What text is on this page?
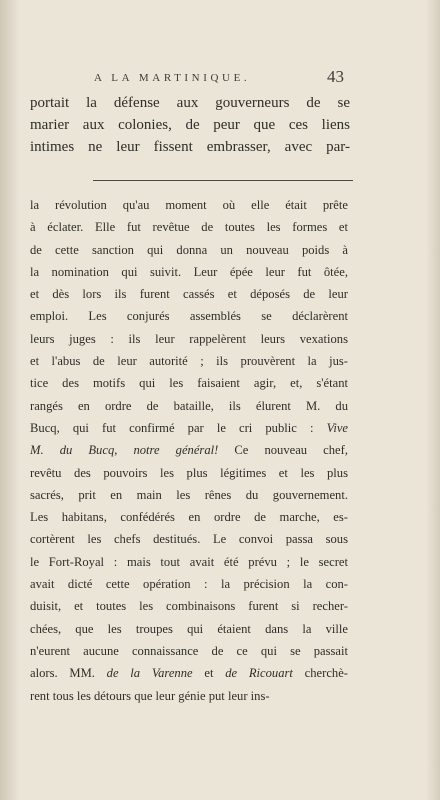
A LA MARTINIQUE.	43
portait la défense aux gouverneurs de se
marier aux colonies, de peur que ces liens
intimes ne leur fissent embrasser, avec par-
la révolution qu'au moment où elle était prête
à éclater. Elle fut revêtue de toutes les formes et
de cette sanction qui donna un nouveau poids à
la nomination qui suivit. Leur épée leur fut ôtée,
et dès lors ils furent cassés et déposés de leur
emploi. Les conjurés assemblés se déclarèrent
leurs juges : ils leur rappelèrent leurs vexations
et l'abus de leur autorité ; ils prouvèrent la jus-
tice des motifs qui les faisaient agir, et, s'étant
rangés en ordre de bataille, ils élurent M. du
Bucq, qui fut confirmé par le cri public : Vive
M. du Bucq, notre général! Ce nouveau chef,
revêtu des pouvoirs les plus légitimes et les plus
sacrés, prit en main les rênes du gouvernement.
Les habitans, confédérés en ordre de marche, es-
cortèrent les chefs destitués. Le convoi passa sous
le Fort-Royal : mais tout avait été prévu ; le secret
avait dicté cette opération : la précision la con-
duisit, et toutes les combinaisons furent si recher-
chées, que les troupes qui étaient dans la ville
n'eurent aucune connaissance de ce qui se passait
alors. MM. de la Varenne et de Ricouart cherchè-
rent tous les détours que leur génie put leur ins-
